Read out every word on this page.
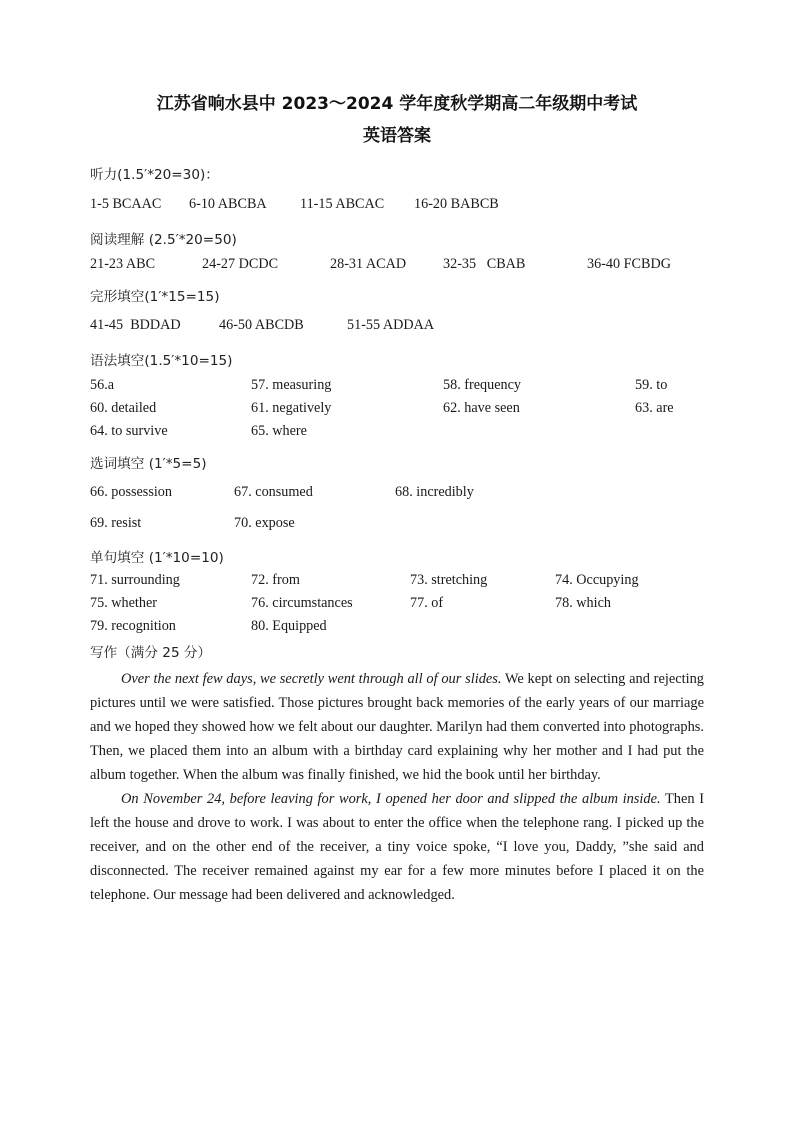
江苏省响水县中 2023～2024 学年度秋学期高二年级期中考试
英语答案
听力(1.5′*20=30)：
1-5 BCAAC 6-10 ABCBA 11-15 ABCAC 16-20 BABCB
阅读理解 (2.5′*20=50)
21-23 ABC	24-27 DCDC	28-31 ACAD	32-35   CBAB	36-40 FCBDG
完形填空(1′*15=15)
41-45  BDDAD	46-50 ABCDB	51-55 ADDAA
语法填空(1.5′*10=15)
56.a	57. measuring	58. frequency	59. to
60. detailed	61. negatively	62. have seen	63. are
64. to survive	65. where
选词填空 (1′*5=5)
66. possession	67. consumed	68. incredibly
69. resist	70. expose
单句填空 (1′*10=10)
71. surrounding	72. from	73. stretching	74. Occupying
75. whether	76. circumstances	77. of	78. which
79. recognition	80. Equipped
写作（满分 25 分）

Over the next few days, we secretly went through all of our slides. We kept on selecting and rejecting pictures until we were satisfied. Those pictures brought back memories of the early years of our marriage and we hoped they showed how we felt about our daughter. Marilyn had them converted into photographs. Then, we placed them into an album with a birthday card explaining why her mother and I had put the album together. When the album was finally finished, we hid the book until her birthday.

On November 24, before leaving for work, I opened her door and slipped the album inside. Then I left the house and drove to work. I was about to enter the office when the telephone rang. I picked up the receiver, and on the other end of the receiver, a tiny voice spoke, “I love you, Daddy, ”she said and disconnected. The receiver remained against my ear for a few more minutes before I placed it on the telephone. Our message had been delivered and acknowledged.
